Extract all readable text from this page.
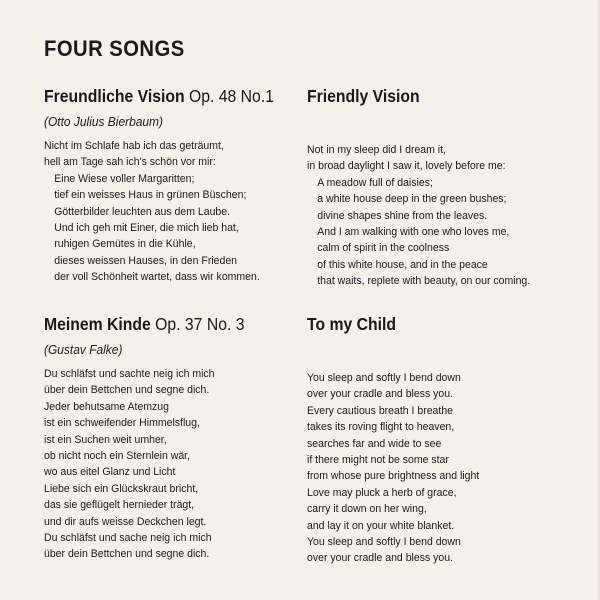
FOUR SONGS
Freundliche Vision Op. 48 No.1
(Otto Julius Bierbaum)
Nicht im Schlafe hab ich das geträumt,
hell am Tage sah ich's schön vor mir:
Eine Wiese voller Margaritten;
tief ein weisses Haus in grünen Büschen;
Götterbilder leuchten aus dem Laube.
Und ich geh mit Einer, die mich lieb hat,
ruhigen Gemütes in die Kühle,
dieses weissen Hauses, in den Frieden
der voll Schönheit wartet, dass wir kommen.
Friendly Vision
Not in my sleep did I dream it,
in broad daylight I saw it, lovely before me:
A meadow full of daisies;
a white house deep in the green bushes;
divine shapes shine from the leaves.
And I am walking with one who loves me,
calm of spirit in the coolness
of this white house, and in the peace
that waits, replete with beauty, on our coming.
Meinem Kinde Op. 37 No. 3
(Gustav Falke)
Du schläfst und sachte neig ich mich
über dein Bettchen und segne dich.
Jeder behutsame Atemzug
ist ein schweifender Himmelsflug,
ist ein Suchen weit umher,
ob nicht noch ein Sternlein wär,
wo aus eitel Glanz und Licht
Liebe sich ein Glückskraut bricht,
das sie geflügelt hernieder trägt,
und dir aufs weisse Deckchen legt.
Du schläfst und sache neig ich mich
über dein Bettchen und segne dich.
To my Child
You sleep and softly I bend down
over your cradle and bless you.
Every cautious breath I breathe
takes its roving flight to heaven,
searches far and wide to see
if there might not be some star
from whose pure brightness and light
Love may pluck a herb of grace,
carry it down on her wing,
and lay it on your white blanket.
You sleep and softly I bend down
over your cradle and bless you.
